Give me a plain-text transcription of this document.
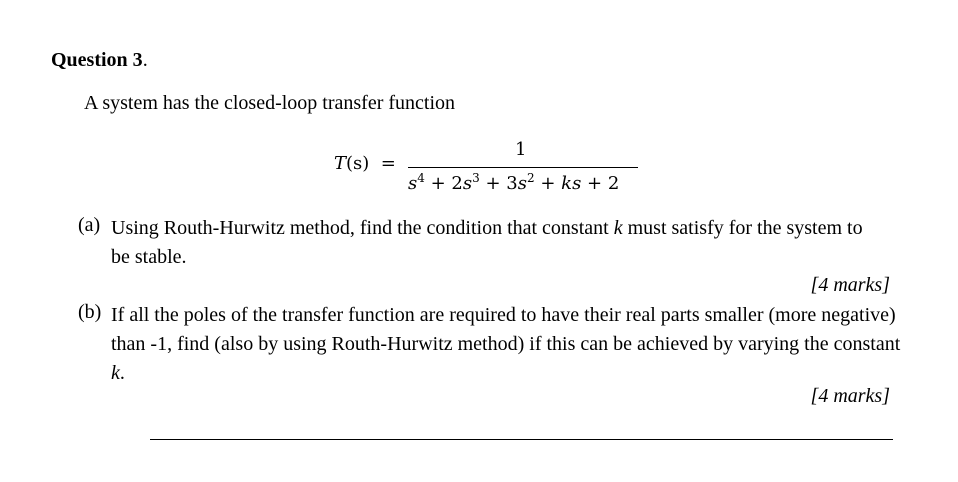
Question 3.
A system has the closed-loop transfer function
T(s) =
1
$s^4 + 2s^3 + 3s^2$ + ks + 2
(a) Using Routh-Hurwitz method, find the condition that constant k must satisfy for the system to be stable.
[4 marks]
(b) If all the poles of the transfer function are required to have their real parts smaller (more negative) than -1, find (also by using Routh-Hurwitz method) if this can be achieved by varying the constant k.
[4 marks]
